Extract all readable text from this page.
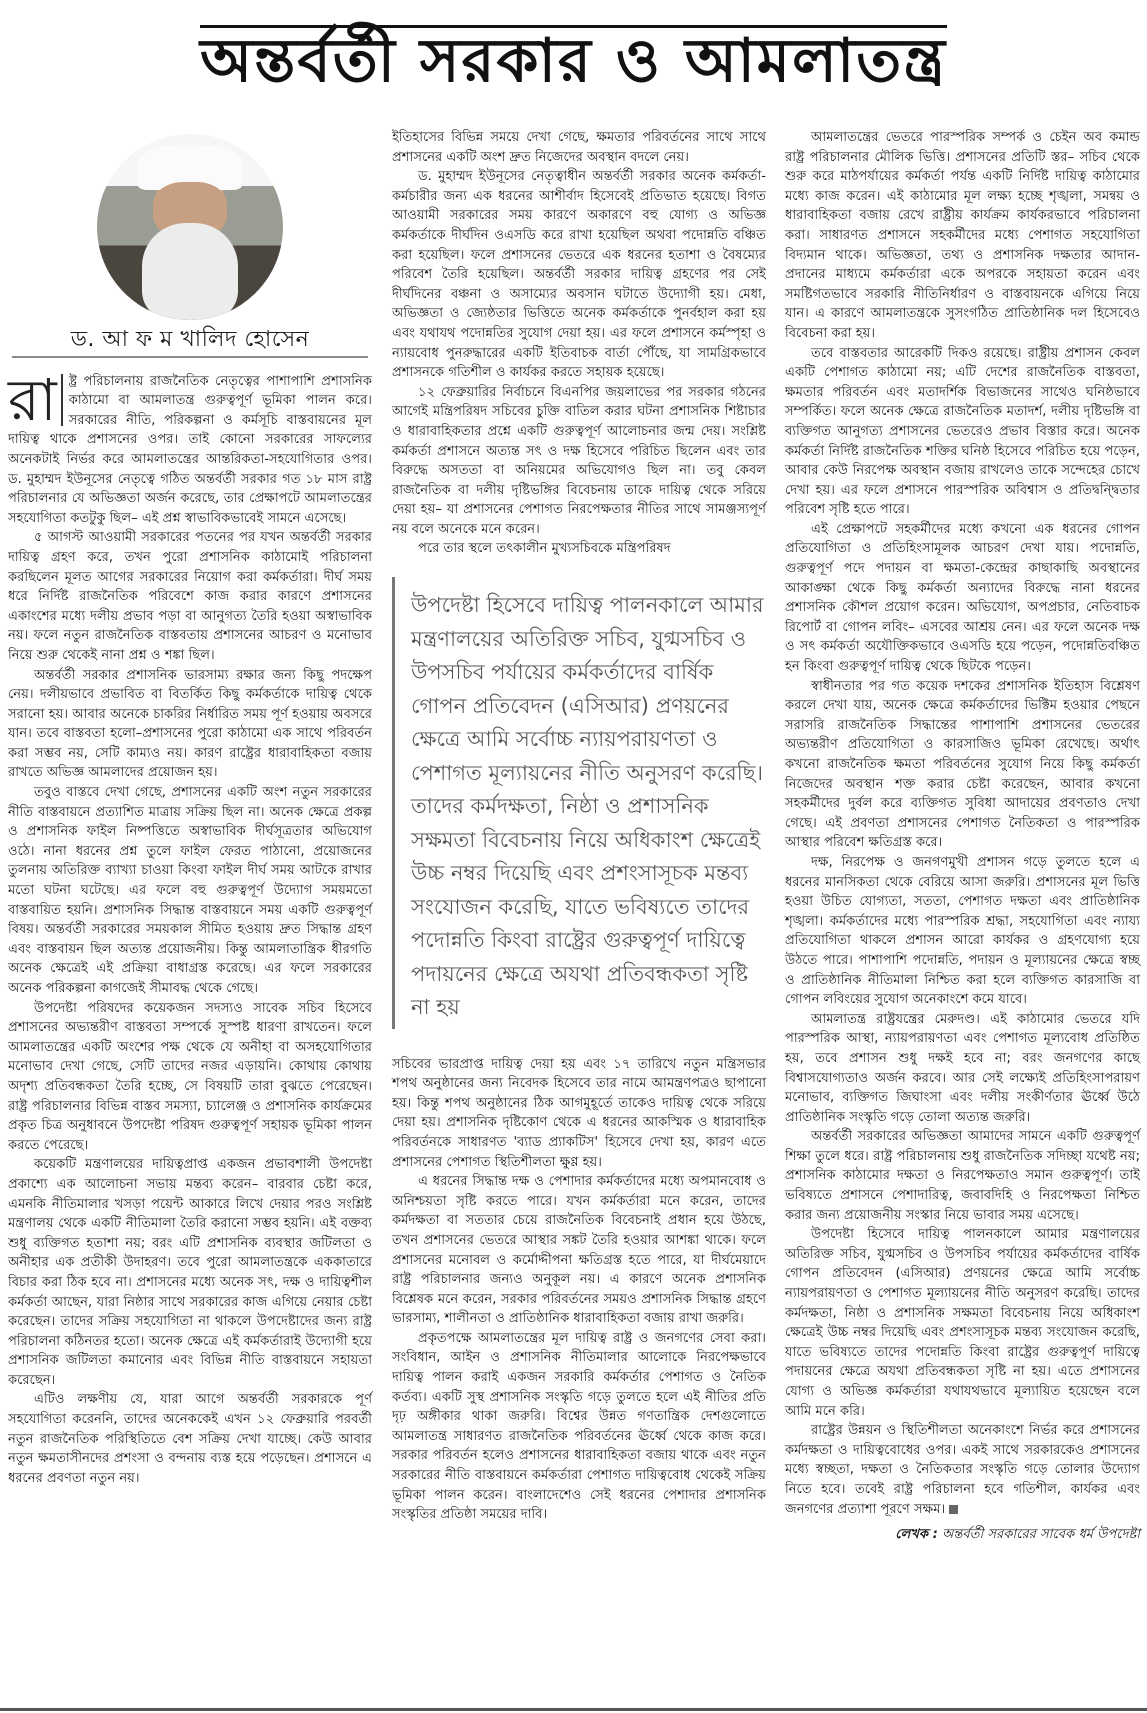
অন্তর্বর্তী সরকার ও আমলাতন্ত্র
ড. আ ফ ম খালিদ হোসেন
রা ষ্ট্র পরিচালনায় রাজনৈতিক নেতৃত্বের পাশাপাশি প্রশাসনিক কাঠামো বা আমলাতন্ত্র গুরুত্বপূর্ণ ভূমিকা পালন করে। সরকারের নীতি, পরিকল্পনা ও কর্মসূচি বাস্তবায়নের মূল দায়িত্ব থাকে প্রশাসনের ওপর। তাই কোনো সরকারের সাফল্যের অনেকটাই নির্ভর করে আমলাতন্ত্রের আন্তরিকতা-সহযোগিতার ওপর। ড. মুহাম্মদ ইউনূসের নেতৃত্বে গঠিত অন্তর্বর্তী সরকার গত ১৮ মাস রাষ্ট্র পরিচালনার যে অভিজ্ঞতা অর্জন করেছে, তার প্রেক্ষাপটে আমলাতন্ত্রের সহযোগিতা কতটুকু ছিল– এই প্রশ্ন স্বাভাবিকভাবেই সামনে এসেছে।

৫ আগস্ট আওয়ামী সরকারের পতনের পর যখন অন্তর্বর্তী সরকার দায়িত্ব গ্রহণ করে, তখন পুরো প্রশাসনিক কাঠামোই পরিচালনা করছিলেন মূলত আগের সরকারের নিয়োগ করা কর্মকর্তারা। দীর্ঘ সময় ধরে নির্দিষ্ট রাজনৈতিক পরিবেশে কাজ করার কারণে প্রশাসনের একাংশের মধ্যে দলীয় প্রভাব পড়া বা আনুগত্য তৈরি হওয়া অস্বাভাবিক নয়। ফলে নতুন রাজনৈতিক বাস্তবতায় প্রশাসনের আচরণ ও মনোভাব নিয়ে শুরু থেকেই নানা প্রশ্ন ও শঙ্কা ছিল।

অন্তর্বর্তী সরকার প্রশাসনিক ভারসাম্য রক্ষার জন্য কিছু পদক্ষেপ নেয়। দলীয়ভাবে প্রভাবিত বা বিতর্কিত কিছু কর্মকর্তাকে দায়িত্ব থেকে সরানো হয়। আবার অনেকে চাকরির নির্ধারিত সময় পূর্ণ হওয়ায় অবসরে যান। তবে বাস্তবতা হলো–প্রশাসনের পুরো কাঠামো এক সাথে পরিবর্তন করা সম্ভব নয়, সেটি কাম্যও নয়। কারণ রাষ্ট্রের ধারাবাহিকতা বজায় রাখতে অভিজ্ঞ আমলাদের প্রয়োজন হয়।

তবুও বাস্তবে দেখা গেছে, প্রশাসনের একটি অংশ নতুন সরকারের নীতি বাস্তবায়নে প্রত্যাশিত মাত্রায় সক্রিয় ছিল না। অনেক ক্ষেত্রে প্রকল্প ও প্রশাসনিক ফাইল নিষ্পত্তিতে অস্বাভাবিক দীর্ঘসূত্রতার অভিযোগ ওঠে। নানা ধরনের প্রশ্ন তুলে ফাইল ফেরত পাঠানো, প্রয়োজনের তুলনায় অতিরিক্ত ব্যাখ্যা চাওয়া কিংবা ফাইল দীর্ঘ সময় আটকে রাখার মতো ঘটনা ঘটেছে। এর ফলে বহু গুরুত্বপূর্ণ উদ্যোগ সময়মতো বাস্তবায়িত হয়নি। প্রশাসনিক সিদ্ধান্ত বাস্তবায়নে সময় একটি গুরুত্বপূর্ণ বিষয়। অন্তর্বর্তী সরকারের সময়কাল সীমিত হওয়ায় দ্রুত সিদ্ধান্ত গ্রহণ এবং বাস্তবায়ন ছিল অত্যন্ত প্রয়োজনীয়। কিন্তু আমলাতান্ত্রিক ধীরগতি অনেক ক্ষেত্রেই এই প্রক্রিয়া বাধাগ্রস্ত করেছে। এর ফলে সরকারের অনেক পরিকল্পনা কাগজেই সীমাবদ্ধ থেকে গেছে।

উপদেষ্টা পরিষদের কয়েকজন সদস্যও সাবেক সচিব হিসেবে প্রশাসনের অভ্যন্তরীণ বাস্তবতা সম্পর্কে সুস্পষ্ট ধারণা রাখতেন। ফলে আমলাতন্ত্রের একটি অংশের পক্ষ থেকে যে অনীহা বা অসহযোগিতার মনোভাব দেখা গেছে, সেটি তাদের নজর এড়ায়নি। কোথায় কোথায় অদৃশ্য প্রতিবন্ধকতা তৈরি হচ্ছে, সে বিষয়টি তারা বুঝতে পেরেছেন। রাষ্ট্র পরিচালনার বিভিন্ন বাস্তব সমস্যা, চ্যালেঞ্জ ও প্রশাসনিক কার্যক্রমের প্রকৃত চিত্র অনুধাবনে উপদেষ্টা পরিষদ গুরুত্বপূর্ণ সহায়ক ভূমিকা পালন করতে পেরেছে।

কয়েকটি মন্ত্রণালয়ের দায়িত্বপ্রাপ্ত একজন প্রভাবশালী উপদেষ্টা প্রকাশ্যে এক আলোচনা সভায় মন্তব্য করেন– বারবার চেষ্টা করে, এমনকি নীতিমালার খসড়া পয়েন্ট আকারে লিখে দেয়ার পরও সংশ্লিষ্ট মন্ত্রণালয় থেকে একটি নীতিমালা তৈরি করানো সম্ভব হয়নি। এই বক্তব্য শুধু ব্যক্তিগত হতাশা নয়; বরং এটি প্রশাসনিক ব্যবস্থার জটিলতা ও অনীহার এক প্রতীকী উদাহরণ। তবে পুরো আমলাতন্ত্রকে এককাতারে বিচার করা ঠিক হবে না। প্রশাসনের মধ্যে অনেক সৎ, দক্ষ ও দায়িত্বশীল কর্মকর্তা আছেন, যারা নিষ্ঠার সাথে সরকারের কাজ এগিয়ে নেয়ার চেষ্টা করেছেন। তাদের সক্রিয় সহযোগিতা না থাকলে উপদেষ্টাদের জন্য রাষ্ট্র পরিচালনা কঠিনতর হতো। অনেক ক্ষেত্রে এই কর্মকর্তারাই উদ্যোগী হয়ে প্রশাসনিক জটিলতা কমানোর এবং বিভিন্ন নীতি বাস্তবায়নে সহায়তা করেছেন।

এটিও লক্ষণীয় যে, যারা আগে অন্তর্বর্তী সরকারকে পূর্ণ সহযোগিতা করেননি, তাদের অনেককেই এখন ১২ ফেব্রুয়ারি পরবর্তী নতুন রাজনৈতিক পরিস্থিতিতে বেশ সক্রিয় দেখা যাচ্ছে। কেউ আবার নতুন ক্ষমতাসীনদের প্রশংসা ও বন্দনায় ব্যস্ত হয়ে পড়েছেন। প্রশাসনে এ ধরনের প্রবণতা নতুন নয়।

ইতিহাসের বিভিন্ন সময়ে দেখা গেছে, ক্ষমতার পরিবর্তনের সাথে সাথে প্রশাসনের একটি অংশ দ্রুত নিজেদের অবস্থান বদলে নেয়।

ড. মুহাম্মদ ইউনূসের নেতৃত্বাধীন অন্তর্বর্তী সরকার অনেক কর্মকর্তা-কর্মচারীর জন্য এক ধরনের আশীর্বাদ হিসেবেই প্রতিভাত হয়েছে। বিগত আওয়ামী সরকারের সময় কারণে অকারণে বহু যোগ্য ও অভিজ্ঞ কর্মকর্তাকে দীর্ঘদিন ওএসডি করে রাখা হয়েছিল অথবা পদোন্নতি বঞ্চিত করা হয়েছিল। ফলে প্রশাসনের ভেতরে এক ধরনের হতাশা ও বৈষম্যের পরিবেশ তৈরি হয়েছিল। অন্তর্বর্তী সরকার দায়িত্ব গ্রহণের পর সেই দীর্ঘদিনের বঞ্চনা ও অসাম্যের অবসান ঘটাতে উদ্যোগী হয়। মেধা, অভিজ্ঞতা ও জ্যেষ্ঠতার ভিত্তিতে অনেক কর্মকর্তাকে পুনর্বহাল করা হয় এবং যথাযথ পদোন্নতির সুযোগ দেয়া হয়। এর ফলে প্রশাসনে কর্মস্পৃহা ও ন্যায়বোধ পুনরুদ্ধারের একটি ইতিবাচক বার্তা পৌঁছে, যা সামগ্রিকভাবে প্রশাসনকে গতিশীল ও কার্যকর করতে সহায়ক হয়েছে।

১২ ফেব্রুয়ারির নির্বাচনে বিএনপির জয়লাভের পর সরকার গঠনের আগেই মন্ত্রিপরিষদ সচিবের চুক্তি বাতিল করার ঘটনা প্রশাসনিক শিষ্টাচার ও ধারাবাহিকতার প্রশ্নে একটি গুরুত্বপূর্ণ আলোচনার জন্ম দেয়। সংশ্লিষ্ট কর্মকর্তা প্রশাসনে অত্যন্ত সৎ ও দক্ষ হিসেবে পরিচিত ছিলেন এবং তার বিরুদ্ধে অসততা বা অনিয়মের অভিযোগও ছিল না। তবু কেবল রাজনৈতিক বা দলীয় দৃষ্টিভঙ্গির বিবেচনায় তাকে দায়িত্ব থেকে সরিয়ে দেয়া হয়– যা প্রশাসনের পেশাগত নিরপেক্ষতার নীতির সাথে সামঞ্জস্যপূর্ণ নয় বলে অনেকে মনে করেন।

পরে তার স্থলে তৎকালীন মুখ্যসচিবকে মন্ত্রিপরিষদ

উপদেষ্টা হিসেবে দায়িত্ব পালনকালে আমার মন্ত্রণালয়ের অতিরিক্ত সচিব, যুগ্মসচিব ও উপসচিব পর্যায়ের কর্মকর্তাদের বার্ষিক গোপন প্রতিবেদন (এসিআর) প্রণয়নের ক্ষেত্রে আমি সর্বোচ্চ ন্যায়পরায়ণতা ও পেশাগত মূল্যায়নের নীতি অনুসরণ করেছি। তাদের কর্মদক্ষতা, নিষ্ঠা ও প্রশাসনিক সক্ষমতা বিবেচনায় নিয়ে অধিকাংশ ক্ষেত্রেই উচ্চ নম্বর দিয়েছি এবং প্রশংসাসূচক মন্তব্য সংযোজন করেছি, যাতে ভবিষ্যতে তাদের পদোন্নতি কিংবা রাষ্ট্রের গুরুত্বপূর্ণ দায়িত্বে পদায়নের ক্ষেত্রে অযথা প্রতিবন্ধকতা সৃষ্টি না হয়

সচিবের ভারপ্রাপ্ত দায়িত্ব দেয়া হয় এবং ১৭ তারিখে নতুন মন্ত্রিসভার শপথ অনুষ্ঠানের জন্য নিবেদক হিসেবে তার নামে আমন্ত্রণপত্রও ছাপানো হয়। কিন্তু শপথ অনুষ্ঠানের ঠিক আগমুহূর্তে তাকেও দায়িত্ব থেকে সরিয়ে দেয়া হয়। প্রশাসনিক দৃষ্টিকোণ থেকে এ ধরনের আকস্মিক ও ধারাবাহিক পরিবর্তনকে সাধারণত 'ব্যাড প্র্যাকটিস' হিসেবে দেখা হয়, কারণ এতে প্রশাসনের পেশাগত স্থিতিশীলতা ক্ষুণ্ণ হয়।

এ ধরনের সিদ্ধান্ত দক্ষ ও পেশাদার কর্মকর্তাদের মধ্যে অপমানবোধ ও অনিশ্চয়তা সৃষ্টি করতে পারে। যখন কর্মকর্তারা মনে করেন, তাদের কর্মদক্ষতা বা সততার চেয়ে রাজনৈতিক বিবেচনাই প্রধান হয়ে উঠছে, তখন প্রশাসনের ভেতরে আস্থার সঙ্কট তৈরি হওয়ার আশঙ্কা থাকে। ফলে প্রশাসনের মনোবল ও কর্মোদ্দীপনা ক্ষতিগ্রস্ত হতে পারে, যা দীর্ঘমেয়াদে রাষ্ট্র পরিচালনার জন্যও অনুকূল নয়। এ কারণে অনেক প্রশাসনিক বিশ্লেষক মনে করেন, সরকার পরিবর্তনের সময়ও প্রশাসনিক সিদ্ধান্ত গ্রহণে ভারসাম্য, শালীনতা ও প্রাতিষ্ঠানিক ধারাবাহিকতা বজায় রাখা জরুরি।

প্রকৃতপক্ষে আমলাতন্ত্রের মূল দায়িত্ব রাষ্ট্র ও জনগণের সেবা করা। সংবিধান, আইন ও প্রশাসনিক নীতিমালার আলোকে নিরপেক্ষভাবে দায়িত্ব পালন করাই একজন সরকারি কর্মকর্তার পেশাগত ও নৈতিক কর্তব্য। একটি সুস্থ প্রশাসনিক সংস্কৃতি গড়ে তুলতে হলে এই নীতির প্রতি দৃঢ় অঙ্গীকার থাকা জরুরি। বিশ্বের উন্নত গণতান্ত্রিক দেশগুলোতে আমলাতন্ত্র সাধারণত রাজনৈতিক পরিবর্তনের ঊর্ধ্বে থেকে কাজ করে। সরকার পরিবর্তন হলেও প্রশাসনের ধারাবাহিকতা বজায় থাকে এবং নতুন সরকারের নীতি বাস্তবায়নে কর্মকর্তারা পেশাগত দায়িত্ববোধ থেকেই সক্রিয় ভূমিকা পালন করেন। বাংলাদেশেও সেই ধরনের পেশাদার প্রশাসনিক সংস্কৃতির প্রতিষ্ঠা সময়ের দাবি।

আমলাতন্ত্রের ভেতরে পারস্পরিক সম্পর্ক ও চেইন অব কমান্ড রাষ্ট্র পরিচালনার মৌলিক ভিত্তি। প্রশাসনের প্রতিটি স্তর– সচিব থেকে শুরু করে মাঠপর্যায়ের কর্মকর্তা পর্যন্ত একটি নির্দিষ্ট দায়িত্ব কাঠামোর মধ্যে কাজ করেন। এই কাঠামোর মূল লক্ষ্য হচ্ছে শৃঙ্খলা, সমন্বয় ও ধারাবাহিকতা বজায় রেখে রাষ্ট্রীয় কার্যক্রম কার্যকরভাবে পরিচালনা করা। সাধারণত প্রশাসনে সহকর্মীদের মধ্যে পেশাগত সহযোগিতা বিদ্যমান থাকে। অভিজ্ঞতা, তথ্য ও প্রশাসনিক দক্ষতার আদান-প্রদানের মাধ্যমে কর্মকর্তারা একে অপরকে সহায়তা করেন এবং সমষ্টিগতভাবে সরকারি নীতিনির্ধারণ ও বাস্তবায়নকে এগিয়ে নিয়ে যান। এ কারণে আমলাতন্ত্রকে সুসংগঠিত প্রাতিষ্ঠানিক দল হিসেবেও বিবেচনা করা হয়।

তবে বাস্তবতার আরেকটি দিকও রয়েছে। রাষ্ট্রীয় প্রশাসন কেবল একটি পেশাগত কাঠামো নয়; এটি দেশের রাজনৈতিক বাস্তবতা, ক্ষমতার পরিবর্তন এবং মতাদর্শিক বিভাজনের সাথেও ঘনিষ্ঠভাবে সম্পর্কিত। ফলে অনেক ক্ষেত্রে রাজনৈতিক মতাদর্শ, দলীয় দৃষ্টিভঙ্গি বা ব্যক্তিগত আনুগত্য প্রশাসনের ভেতরেও প্রভাব বিস্তার করে। অনেক কর্মকর্তা নির্দিষ্ট রাজনৈতিক শক্তির ঘনিষ্ঠ হিসেবে পরিচিত হয়ে পড়েন, আবার কেউ নিরপেক্ষ অবস্থান বজায় রাখলেও তাকে সন্দেহের চোখে দেখা হয়। এর ফলে প্রশাসনে পারস্পরিক অবিশ্বাস ও প্রতিদ্বন্দ্বিতার পরিবেশ সৃষ্টি হতে পারে।

এই প্রেক্ষাপটে সহকর্মীদের মধ্যে কখনো এক ধরনের গোপন প্রতিযোগিতা ও প্রতিহিংসামূলক আচরণ দেখা যায়। পদোন্নতি, গুরুত্বপূর্ণ পদে পদায়ন বা ক্ষমতা-কেন্দ্রের কাছাকাছি অবস্থানের আকাঙ্ক্ষা থেকে কিছু কর্মকর্তা অন্যাদের বিরুদ্ধে নানা ধরনের প্রশাসনিক কৌশল প্রয়োগ করেন। অভিযোগ, অপপ্রচার, নেতিবাচক রিপোর্ট বা গোপন লবিং– এসবের আশ্রয় নেন। এর ফলে অনেক দক্ষ ও সৎ কর্মকর্তা অযৌক্তিকভাবে ওএসডি হয়ে পড়েন, পদোন্নতিবঞ্চিত হন কিংবা গুরুত্বপূর্ণ দায়িত্ব থেকে ছিটকে পড়েন।

স্বাধীনতার পর গত কয়েক দশকের প্রশাসনিক ইতিহাস বিশ্লেষণ করলে দেখা যায়, অনেক ক্ষেত্রে কর্মকর্তাদের ভিক্টিম হওয়ার পেছনে সরাসরি রাজনৈতিক সিদ্ধান্তের পাশাপাশি প্রশাসনের ভেতরের অভ্যন্তরীণ প্রতিযোগিতা ও কারসাজিও ভূমিকা রেখেছে। অর্থাৎ কখনো রাজনৈতিক ক্ষমতা পরিবর্তনের সুযোগ নিয়ে কিছু কর্মকর্তা নিজেদের অবস্থান শক্ত করার চেষ্টা করেছেন, আবার কখনো সহকর্মীদের দুর্বল করে ব্যক্তিগত সুবিধা আদায়ের প্রবণতাও দেখা গেছে। এই প্রবণতা প্রশাসনের পেশাগত নৈতিকতা ও পারস্পরিক আস্থার পরিবেশ ক্ষতিগ্রস্ত করে।

দক্ষ, নিরপেক্ষ ও জনগণমুখী প্রশাসন গড়ে তুলতে হলে এ ধরনের মানসিকতা থেকে বেরিয়ে আসা জরুরি। প্রশাসনের মূল ভিত্তি হওয়া উচিত যোগ্যতা, সততা, পেশাগত দক্ষতা এবং প্রাতিষ্ঠানিক শৃঙ্খলা। কর্মকর্তাদের মধ্যে পারস্পরিক শ্রদ্ধা, সহযোগিতা এবং ন্যায্য প্রতিযোগিতা থাকলে প্রশাসন আরো কার্যকর ও গ্রহণযোগ্য হয়ে উঠতে পারে। পাশাপাশি পদোন্নতি, পদায়ন ও মূল্যায়নের ক্ষেত্রে স্বচ্ছ ও প্রাতিষ্ঠানিক নীতিমালা নিশ্চিত করা হলে ব্যক্তিগত কারসাজি বা গোপন লবিংয়ের সুযোগ অনেকাংশে কমে যাবে।

আমলাতন্ত্র রাষ্ট্রযন্ত্রের মেরুদণ্ড। এই কাঠামোর ভেতরে যদি পারস্পরিক আস্থা, ন্যায়পরায়ণতা এবং পেশাগত মূল্যবোধ প্রতিষ্ঠিত হয়, তবে প্রশাসন শুধু দক্ষই হবে না; বরং জনগণের কাছে বিশ্বাসযোগ্যতাও অর্জন করবে। আর সেই লক্ষ্যেই প্রতিহিংসাপরায়ণ মনোভাব, ব্যক্তিগত জিঘাংসা এবং দলীয় সংকীর্ণতার ঊর্ধ্বে উঠে প্রাতিষ্ঠানিক সংস্কৃতি গড়ে তোলা অত্যন্ত জরুরি।

অন্তর্বর্তী সরকারের অভিজ্ঞতা আমাদের সামনে একটি গুরুত্বপূর্ণ শিক্ষা তুলে ধরে। রাষ্ট্র পরিচালনায় শুধু রাজনৈতিক সদিচ্ছা যথেষ্ট নয়; প্রশাসনিক কাঠামোর দক্ষতা ও নিরপেক্ষতাও সমান গুরুত্বপূর্ণ। তাই ভবিষ্যতে প্রশাসনে পেশাদারিত্ব, জবাবদিহি ও নিরপেক্ষতা নিশ্চিত করার জন্য প্রয়োজনীয় সংস্কার নিয়ে ভাবার সময় এসেছে।

উপদেষ্টা হিসেবে দায়িত্ব পালনকালে আমার মন্ত্রণালয়ের অতিরিক্ত সচিব, যুগ্মসচিব ও উপসচিব পর্যায়ের কর্মকর্তাদের বার্ষিক গোপন প্রতিবেদন (এসিআর) প্রণয়নের ক্ষেত্রে আমি সর্বোচ্চ ন্যায়পরায়ণতা ও পেশাগত মূল্যায়নের নীতি অনুসরণ করেছি। তাদের কর্মদক্ষতা, নিষ্ঠা ও প্রশাসনিক সক্ষমতা বিবেচনায় নিয়ে অধিকাংশ ক্ষেত্রেই উচ্চ নম্বর দিয়েছি এবং প্রশংসাসূচক মন্তব্য সংযোজন করেছি, যাতে ভবিষ্যতে তাদের পদোন্নতি কিংবা রাষ্ট্রের গুরুত্বপূর্ণ দায়িত্বে পদায়নের ক্ষেত্রে অযথা প্রতিবন্ধকতা সৃষ্টি না হয়। এতে প্রশাসনের যোগ্য ও অভিজ্ঞ কর্মকর্তারা যথাযথভাবে মূল্যায়িত হয়েছেন বলে আমি মনে করি।

রাষ্ট্রের উন্নয়ন ও স্থিতিশীলতা অনেকাংশে নির্ভর করে প্রশাসনের কর্মদক্ষতা ও দায়িত্ববোধের ওপর। একই সাথে সরকারকেও প্রশাসনের মধ্যে স্বচ্ছতা, দক্ষতা ও নৈতিকতার সংস্কৃতি গড়ে তোলার উদ্যোগ নিতে হবে। তবেই রাষ্ট্র পরিচালনা হবে গতিশীল, কার্যকর এবং জনগণের প্রত্যাশা পূরণে সক্ষম।

লেখক : অন্তর্বর্তী সরকারের সাবেক ধর্ম উপদেষ্টা
